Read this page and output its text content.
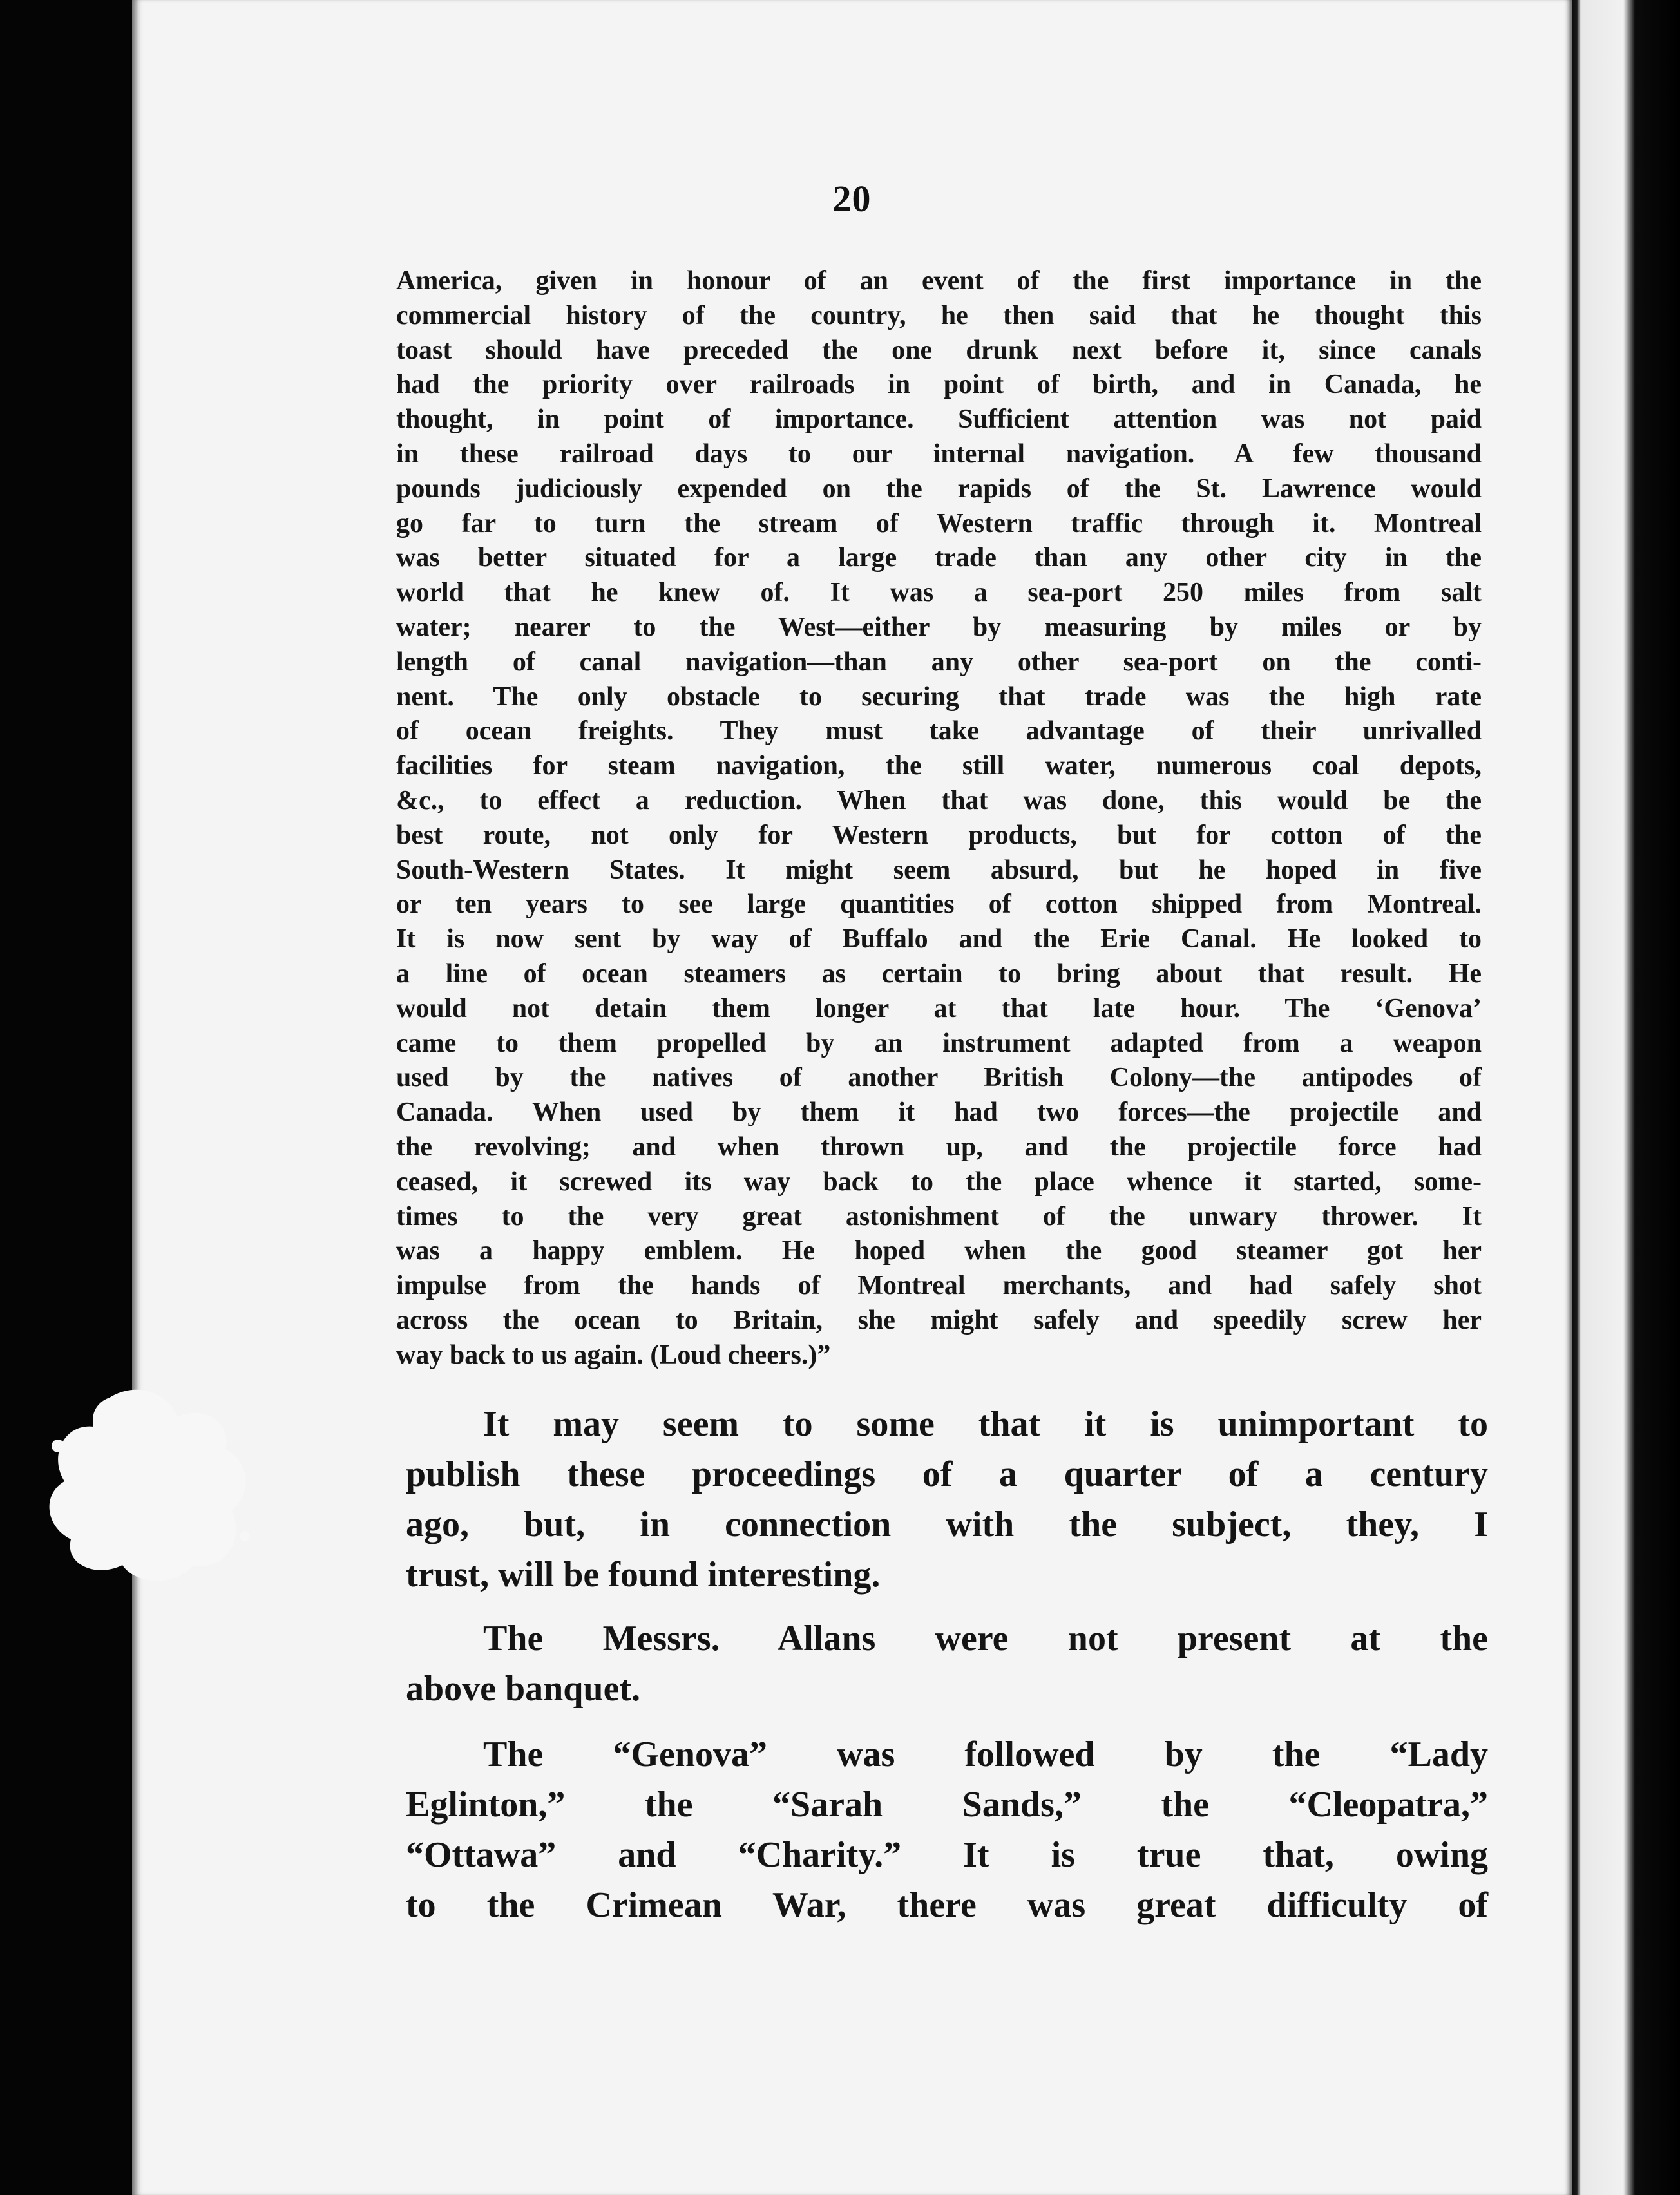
20
America, given in honour of an event of the first importance in the
commercial history of the country, he then said that he thought this
toast should have preceded the one drunk next before it, since canals
had the priority over railroads in point of birth, and in Canada, he
thought, in point of importance. Sufficient attention was not paid
in these railroad days to our internal navigation. A few thousand
pounds judiciously expended on the rapids of the St. Lawrence would
go far to turn the stream of Western traffic through it. Montreal
was better situated for a large trade than any other city in the
world that he knew of. It was a sea-port 250 miles from salt
water; nearer to the West—either by measuring by miles or by
length of canal navigation—than any other sea-port on the conti-
nent. The only obstacle to securing that trade was the high rate
of ocean freights. They must take advantage of their unrivalled
facilities for steam navigation, the still water, numerous coal depots,
&c., to effect a reduction. When that was done, this would be the
best route, not only for Western products, but for cotton of the
South-Western States. It might seem absurd, but he hoped in five
or ten years to see large quantities of cotton shipped from Montreal.
It is now sent by way of Buffalo and the Erie Canal. He looked to
a line of ocean steamers as certain to bring about that result. He
would not detain them longer at that late hour. The ‘Genova’
came to them propelled by an instrument adapted from a weapon
used by the natives of another British Colony—the antipodes of
Canada. When used by them it had two forces—the projectile and
the revolving; and when thrown up, and the projectile force had
ceased, it screwed its way back to the place whence it started, some-
times to the very great astonishment of the unwary thrower. It
was a happy emblem. He hoped when the good steamer got her
impulse from the hands of Montreal merchants, and had safely shot
across the ocean to Britain, she might safely and speedily screw her
way back to us again. (Loud cheers.)”
It may seem to some that it is unimportant to
publish these proceedings of a quarter of a century
ago, but, in connection with the subject, they, I
trust, will be found interesting.
The Messrs. Allans were not present at the
above banquet.
The “Genova” was followed by the “Lady
Eglinton,” the “Sarah Sands,” the “Cleopatra,”
“Ottawa” and “Charity.” It is true that, owing
to the Crimean War, there was great difficulty of
